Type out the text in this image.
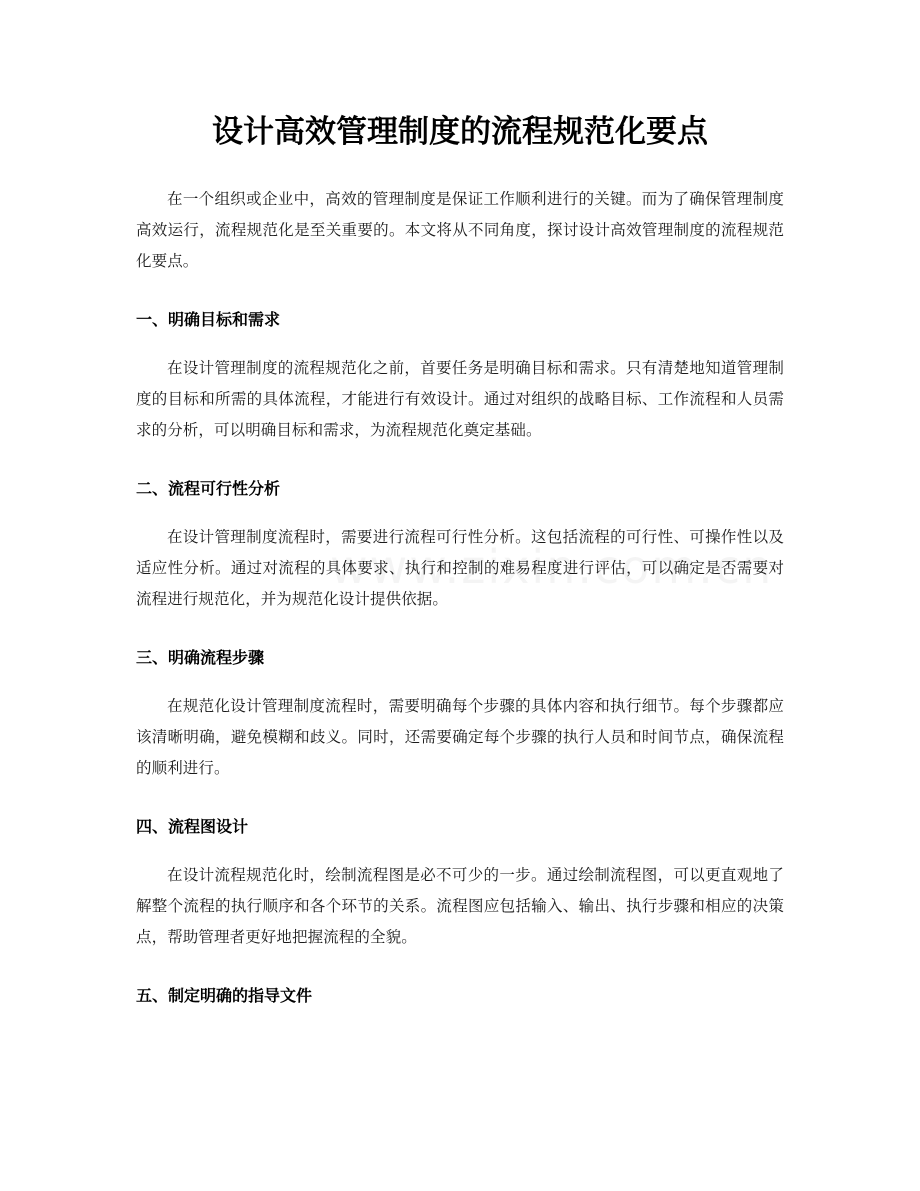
设计高效管理制度的流程规范化要点

在一个组织或企业中，高效的管理制度是保证工作顺利进行的关键。而为了确保管理制度高效运行，流程规范化是至关重要的。本文将从不同角度，探讨设计高效管理制度的流程规范化要点。

一、明确目标和需求

在设计管理制度的流程规范化之前，首要任务是明确目标和需求。只有清楚地知道管理制度的目标和所需的具体流程，才能进行有效设计。通过对组织的战略目标、工作流程和人员需求的分析，可以明确目标和需求，为流程规范化奠定基础。

二、流程可行性分析

在设计管理制度流程时，需要进行流程可行性分析。这包括流程的可行性、可操作性以及适应性分析。通过对流程的具体要求、执行和控制的难易程度进行评估，可以确定是否需要对流程进行规范化，并为规范化设计提供依据。

三、明确流程步骤

在规范化设计管理制度流程时，需要明确每个步骤的具体内容和执行细节。每个步骤都应该清晰明确，避免模糊和歧义。同时，还需要确定每个步骤的执行人员和时间节点，确保流程的顺利进行。

四、流程图设计

在设计流程规范化时，绘制流程图是必不可少的一步。通过绘制流程图，可以更直观地了解整个流程的执行顺序和各个环节的关系。流程图应包括输入、输出、执行步骤和相应的决策点，帮助管理者更好地把握流程的全貌。

五、制定明确的指导文件
